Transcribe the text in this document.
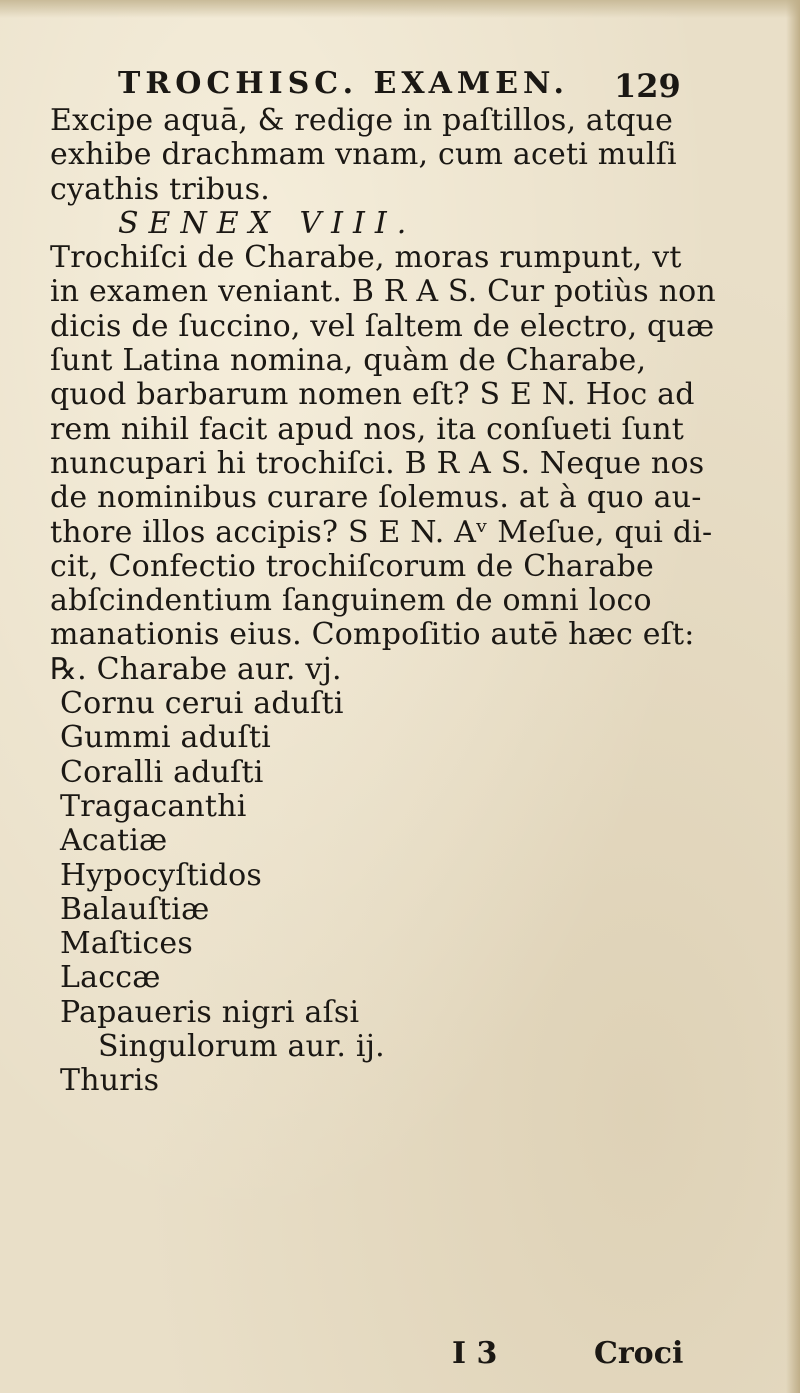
TROCHISC. EXAMEN.	129
Excipe aquā, & redige in paſtillos, atque
exhibe drachmam vnam, cum aceti mulſi
cyathis tribus.
SENEX VIII.
Trochiſci de Charabe, moras rumpunt, vt
in examen veniant. B R A S. Cur potiùs non
dicis de ſuccino, vel ſaltem de electro, quæ
ſunt Latina nomina, quàm de Charabe,
quod barbarum nomen eſt? S E N. Hoc ad
rem nihil facit apud nos, ita conſueti ſunt
nuncupari hi trochiſci. B R A S. Neque nos
de nominibus curare ſolemus. at à quo au-
thore illos accipis? S E N. Aᵛ Meſue, qui di-
cit, Confectio trochiſcorum de Charabe
abſcindentium ſanguinem de omni loco
manationis eius. Compoſitio autē hæc eſt:
℞. Charabe aur. vj.
Cornu cerui aduſti
Gummi aduſti
Coralli aduſti
Tragacanthi
Acatiæ
Hypocyſtidos
Balauſtiæ
Maſtices
Laccæ
Papaueris nigri aſsi
Singulorum aur. ij.
Thuris
I 3	Croci
